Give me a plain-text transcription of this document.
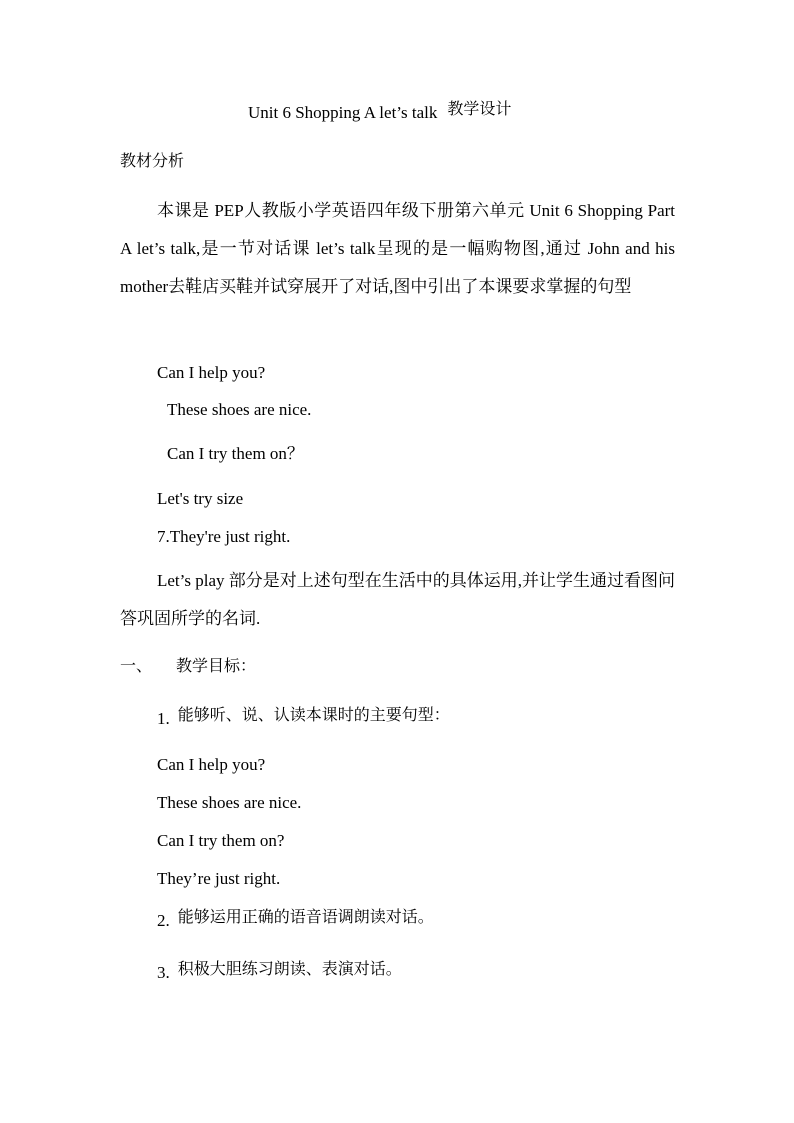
Unit 6 Shopping A let’s talk 教学设计
教材分析

本课是 PEP人教版小学英语四年级下册第六单元 Unit 6 Shopping Part A let’s talk,是一节对话课 let’s talk呈现的是一幅购物图,通过 John and his mother去鞋店买鞋并试穿展开了对话,图中引出了本课要求掌握的句型

Can I help you?
These shoes are nice.
Can I try them on？
Let's try size
7.They're just right.

Let’s play 部分是对上述句型在生活中的具体运用,并让学生通过看图问答巩固所学的名词.

一、 教学目标：
1. 能够听、说、认读本课时的主要句型：
Can I help you?
These shoes are nice.
Can I try them on?
They’re just right.
2. 能够运用正确的语音语调朗读对话。
3. 积极大胆练习朗读、表演对话。
